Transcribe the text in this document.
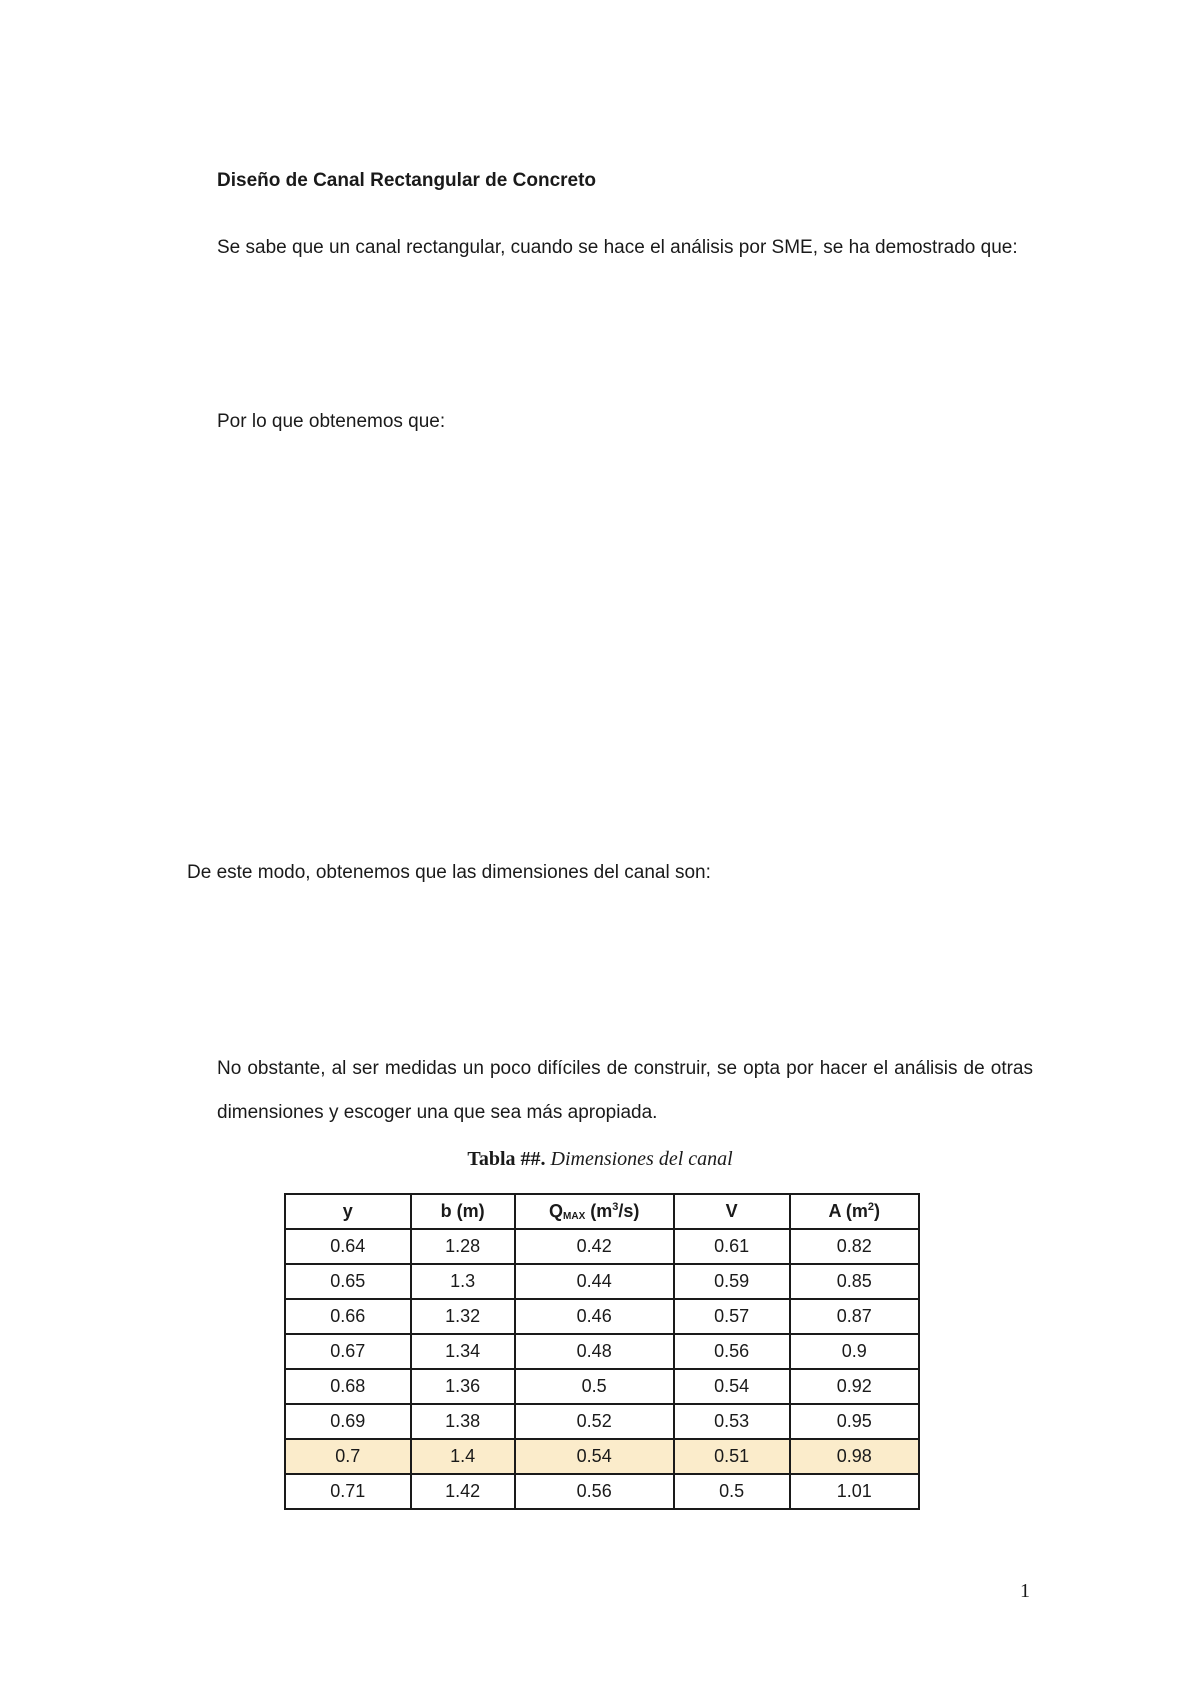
Diseño de Canal Rectangular de Concreto
Se sabe que un canal rectangular, cuando se hace el análisis por SME, se ha demostrado que:
Por lo que obtenemos que:
De este modo, obtenemos que las dimensiones del canal son:
No obstante, al ser medidas un poco difíciles de construir, se opta por hacer el análisis de otras dimensiones y escoger una que sea más apropiada.
Tabla ##. Dimensiones del canal
y	b (m)	$Q_{MAX}$ $(m^3/s)$	V	A $(m^2)$
0.64	1.28	0.42	0.61	0.82
0.65	1.3	0.44	0.59	0.85
0.66	1.32	0.46	0.57	0.87
0.67	1.34	0.48	0.56	0.9
0.68	1.36	0.5	0.54	0.92
0.69	1.38	0.52	0.53	0.95
0.7	1.4	0.54	0.51	0.98
0.71	1.42	0.56	0.5	1.01
1
